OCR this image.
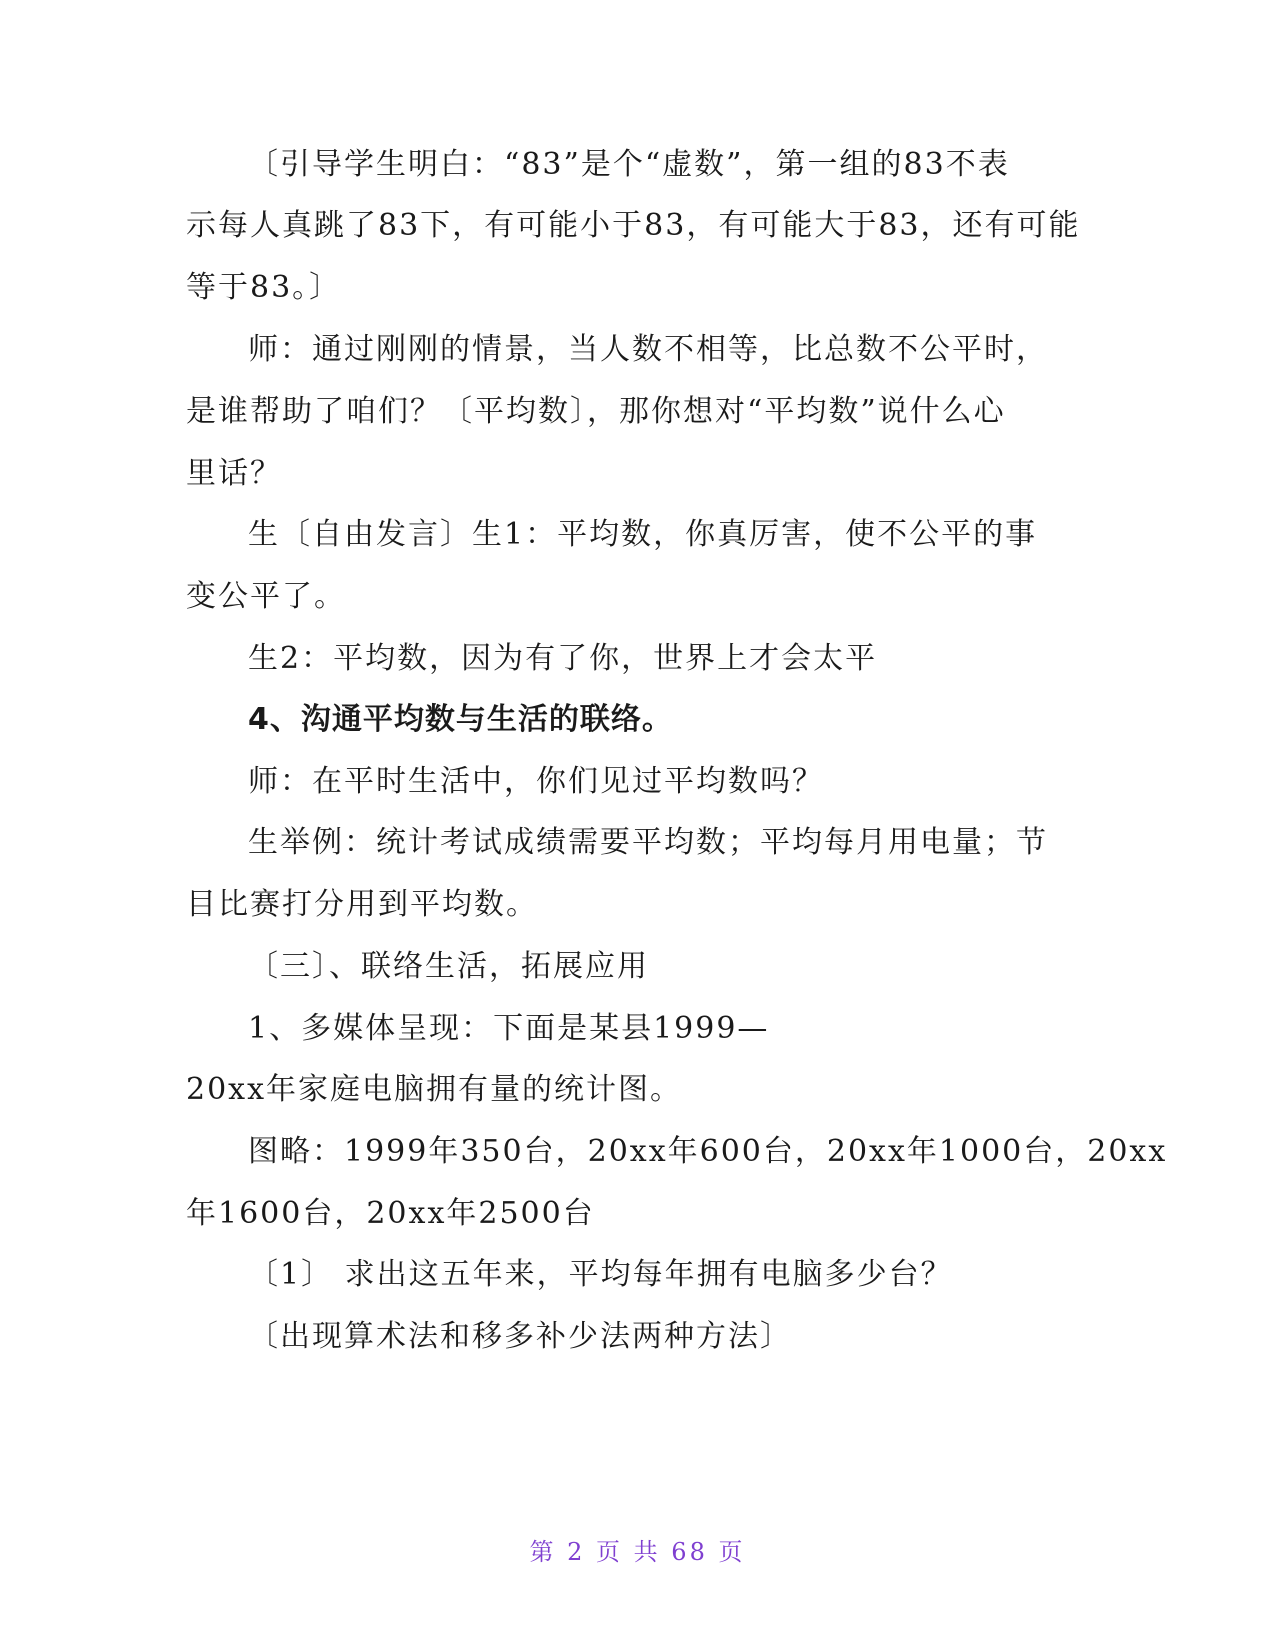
〔引导学生明白：“83”是个“虚数”，第一组的83不表
示每人真跳了83下，有可能小于83，有可能大于83，还有可能
等于83。〕
师：通过刚刚的情景，当人数不相等，比总数不公平时，
是谁帮助了咱们？〔平均数〕，那你想对“平均数”说什么心
里话？
生〔自由发言〕生1：平均数，你真厉害，使不公平的事
变公平了。
生2：平均数，因为有了你，世界上才会太平
4、沟通平均数与生活的联络。
师：在平时生活中，你们见过平均数吗？
生举例：统计考试成绩需要平均数；平均每月用电量；节
目比赛打分用到平均数。
〔三〕、联络生活，拓展应用
1、多媒体呈现：下面是某县1999—
20xx年家庭电脑拥有量的统计图。
图略：1999年350台，20xx年600台，20xx年1000台，20xx
年1600台，20xx年2500台
〔1〕 求出这五年来，平均每年拥有电脑多少台？
〔出现算术法和移多补少法两种方法〕
第 2 页 共 68 页
